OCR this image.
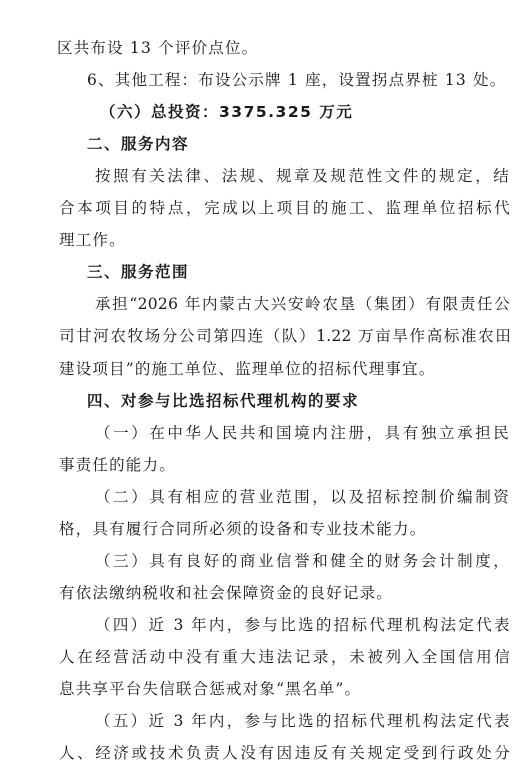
区共布设 13 个评价点位。
6、其他工程：布设公示牌 1 座，设置拐点界桩 13 处。
（六）总投资：3375.325 万元
二、服务内容
按照有关法律、法规、规章及规范性文件的规定，结
合本项目的特点，完成以上项目的施工、监理单位招标代
理工作。
三、服务范围
承担“2026 年内蒙古大兴安岭农垦（集团）有限责任公
司甘河农牧场分公司第四连（队）1.22 万亩旱作高标准农田
建设项目”的施工单位、监理单位的招标代理事宜。
四、对参与比选招标代理机构的要求
（一）在中华人民共和国境内注册，具有独立承担民
事责任的能力。
（二）具有相应的营业范围，以及招标控制价编制资
格，具有履行合同所必须的设备和专业技术能力。
（三）具有良好的商业信誉和健全的财务会计制度，
有依法缴纳税收和社会保障资金的良好记录。
（四）近 3 年内，参与比选的招标代理机构法定代表
人在经营活动中没有重大违法记录，未被列入全国信用信
息共享平台失信联合惩戒对象“黑名单”。
（五）近 3 年内，参与比选的招标代理机构法定代表
人、经济或技术负责人没有因违反有关规定受到行政处分
